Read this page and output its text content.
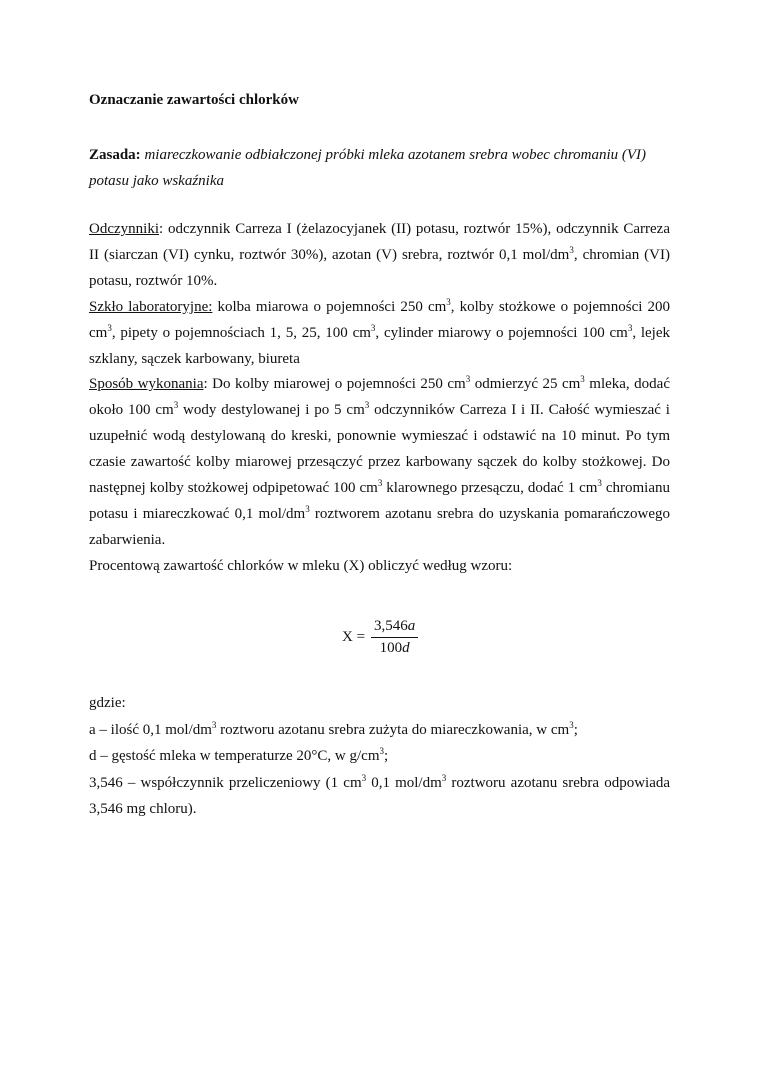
Oznaczanie zawartości chlorków
Zasada: miareczkowanie odbiałczonej próbki mleka azotanem srebra wobec chromaniu (VI) potasu jako wskaźnika

Odczynniki: odczynnik Carreza I (żelazocyjanek (II) potasu, roztwór 15%), odczynnik Carreza II (siarczan (VI) cynku, roztwór 30%), azotan (V) srebra, roztwór 0,1 mol/$dm^3$, chromian (VI) potasu, roztwór 10%.

Szkło laboratoryjne: kolba miarowa o pojemności 250 $cm^3$, kolby stożkowe o pojemności 200 $cm^3$, pipety o pojemnościach 1, 5, 25, 100 $cm^3$, cylinder miarowy o pojemności 100 $cm^3$, lejek szklany, sączek karbowany, biureta

Sposób wykonania: Do kolby miarowej o pojemności 250 $cm^3$ odmierzyć 25 $cm^3$ mleka, dodać około 100 $cm^3$ wody destylowanej i po 5 $cm^3$ odczynników Carreza I i II. Całość wymieszać i uzupełnić wodą destylowaną do kreski, ponownie wymieszać i odstawić na 10 minut. Po tym czasie zawartość kolby miarowej przesączyć przez karbowany sączek do kolby stożkowej. Do następnej kolby stożkowej odpipetować 100 $cm^3$ klarownego przesączu, dodać 1 $cm^3$ chromianu potasu i miareczkować 0,1 mol/$dm^3$ roztworem azotanu srebra do uzyskania pomarańczowego zabarwienia.

Procentową zawartość chlorków w mleku (X) obliczyć według wzoru:

$X = \frac{3,546a}{100d}$

gdzie:

a – ilość 0,1 mol/$dm^3$ roztworu azotanu srebra zużyta do miareczkowania, w $cm^3$;

d – gęstość mleka w temperaturze 20°C, w $g/cm^3$;

3,546 – współczynnik przeliczeniowy (1 $cm^3$ 0,1 mol/$dm^3$ roztworu azotanu srebra odpowiada 3,546 mg chloru).
